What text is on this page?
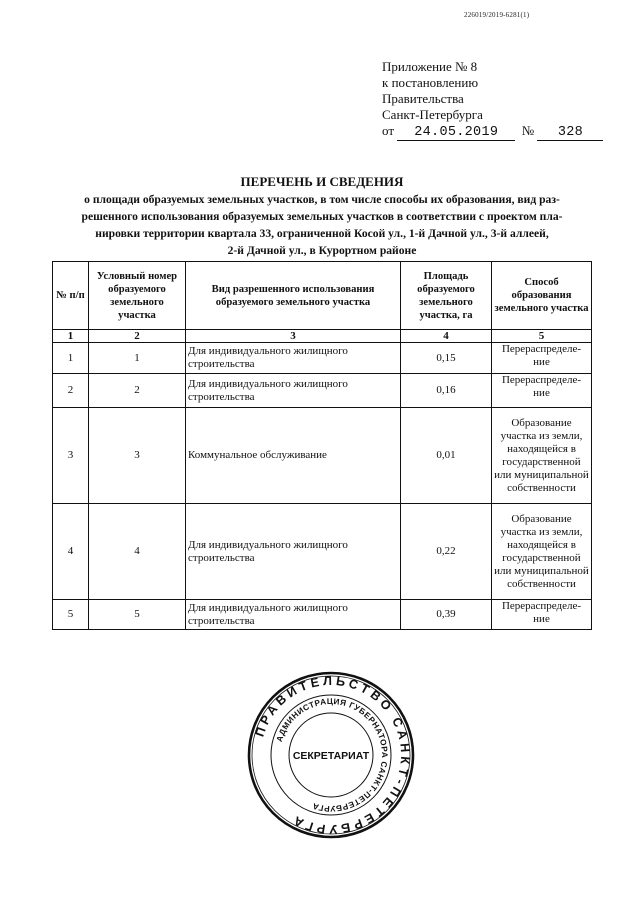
226019/2019-6281(1)
Приложение № 8
к постановлению
Правительства
Санкт-Петербурга
от 24.05.2019 № 328
ПЕРЕЧЕНЬ И СВЕДЕНИЯ

о площади образуемых земельных участков, в том числе способы их образования, вид раз-
решенного использования образуемых земельных участков в соответствии с проектом пла-
нировки территории квартала 33, ограниченной Косой ул., 1-й Дачной ул., 3-й аллеей,
2-й Дачной ул., в Курортном районе

№ п/п	Условный номер образуемого земельного участка	Вид разрешенного использования образуемого земельного участка	Площадь образуемого земельного участка, га	Способ образования земельного участка
1	2	3	4	5
1	1	Для индивидуального жилищного строительства	0,15	Перераспределе-ние
2	2	Для индивидуального жилищного строительства	0,16	Перераспределе-ние
3	3	Коммунальное обслуживание	0,01	Образование участка из земли, находящейся в государственной или муниципальной собственности
4	4	Для индивидуального жилищного строительства	0,22	Образование участка из земли, находящейся в государственной или муниципальной собственности
5	5	Для индивидуального жилищного строительства	0,39	Перераспределе-ние
ПРАВИТЕЛЬСТВО САНКТ-ПЕТЕРБУРГА
АДМИНИСТРАЦИЯ ГУБЕРНАТОРА САНКТ-ПЕТЕРБУРГА
СЕКРЕТАРИАТ
